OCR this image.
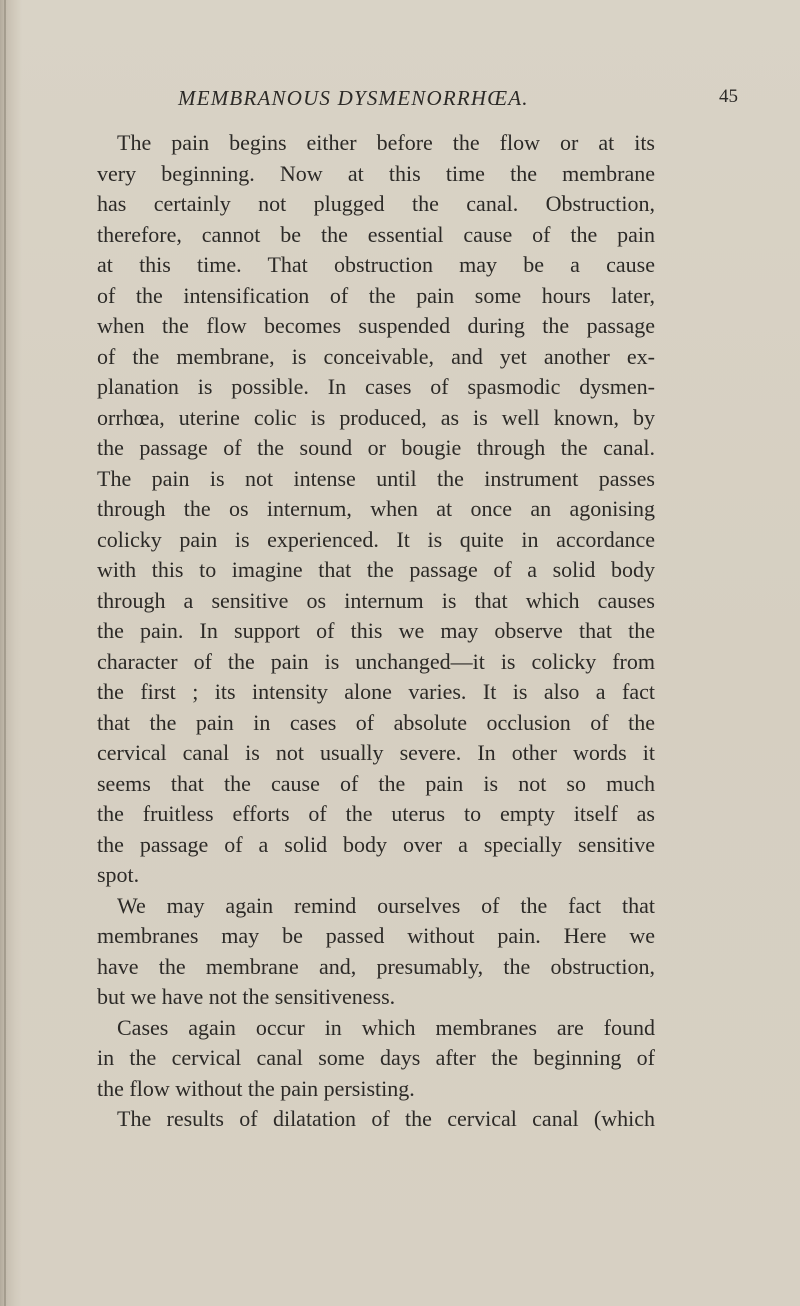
MEMBRANOUS DYSMENORRHŒA.	45
The pain begins either before the flow or at its
very beginning. Now at this time the membrane
has certainly not plugged the canal. Obstruction,
therefore, cannot be the essential cause of the pain
at this time. That obstruction may be a cause
of the intensification of the pain some hours later,
when the flow becomes suspended during the passage
of the membrane, is conceivable, and yet another ex-
planation is possible. In cases of spasmodic dysmen-
orrhœa, uterine colic is produced, as is well known, by
the passage of the sound or bougie through the canal.
The pain is not intense until the instrument passes
through the os internum, when at once an agonising
colicky pain is experienced. It is quite in accordance
with this to imagine that the passage of a solid body
through a sensitive os internum is that which causes
the pain. In support of this we may observe that the
character of the pain is unchanged—it is colicky from
the first ; its intensity alone varies. It is also a fact
that the pain in cases of absolute occlusion of the
cervical canal is not usually severe. In other words it
seems that the cause of the pain is not so much
the fruitless efforts of the uterus to empty itself as
the passage of a solid body over a specially sensitive
spot.
We may again remind ourselves of the fact that
membranes may be passed without pain. Here we
have the membrane and, presumably, the obstruction,
but we have not the sensitiveness.
Cases again occur in which membranes are found
in the cervical canal some days after the beginning of
the flow without the pain persisting.
The results of dilatation of the cervical canal (which
